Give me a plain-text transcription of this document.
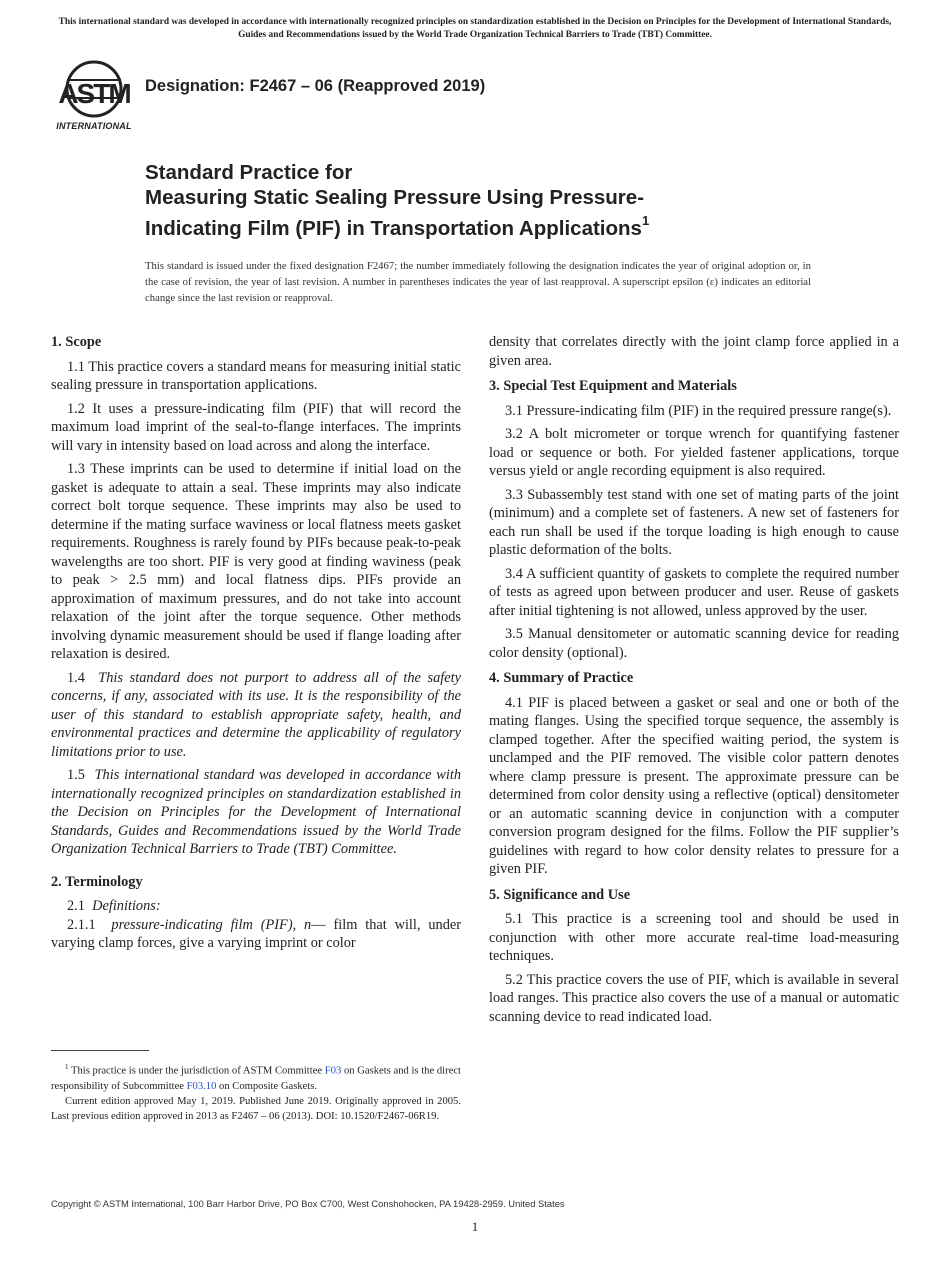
This international standard was developed in accordance with internationally recognized principles on standardization established in the Decision on Principles for the Development of International Standards, Guides and Recommendations issued by the World Trade Organization Technical Barriers to Trade (TBT) Committee.
ASTM
INTERNATIONAL
Designation: F2467 – 06 (Reapproved 2019)
Standard Practice for
Measuring Static Sealing Pressure Using Pressure-
Indicating Film (PIF) in Transportation Applications$^1$
This standard is issued under the fixed designation F2467; the number immediately following the designation indicates the year of original adoption or, in the case of revision, the year of last revision. A number in parentheses indicates the year of last reapproval. A superscript epsilon (ε) indicates an editorial change since the last revision or reapproval.
1. Scope

1.1 This practice covers a standard means for measuring initial static sealing pressure in transportation applications.

1.2 It uses a pressure-indicating film (PIF) that will record the maximum load imprint of the seal-to-flange interfaces. The imprints will vary in intensity based on load across and along the interface.

1.3 These imprints can be used to determine if initial load on the gasket is adequate to attain a seal. These imprints may also indicate correct bolt torque sequence. These imprints may also be used to determine if the mating surface waviness or local flatness meets gasket requirements. Roughness is rarely found by PIFs because peak-to-peak wavelengths are too short. PIF is very good at finding waviness (peak to peak > 2.5 mm) and local flatness dips. PIFs provide an approximation of maximum pressures, and do not take into account relaxation of the joint after the torque sequence. Other methods involving dynamic measurement should be used if flange loading after relaxation is desired.

1.4 This standard does not purport to address all of the safety concerns, if any, associated with its use. It is the responsibility of the user of this standard to establish appropriate safety, health, and environmental practices and determine the applicability of regulatory limitations prior to use.

1.5 This international standard was developed in accordance with internationally recognized principles on standardization established in the Decision on Principles for the Development of International Standards, Guides and Recommendations issued by the World Trade Organization Technical Barriers to Trade (TBT) Committee.

2. Terminology

2.1 Definitions:

2.1.1 pressure-indicating film (PIF), n— film that will, under varying clamp forces, give a varying imprint or color

density that correlates directly with the joint clamp force applied in a given area.

3. Special Test Equipment and Materials

3.1 Pressure-indicating film (PIF) in the required pressure range(s).

3.2 A bolt micrometer or torque wrench for quantifying fastener load or sequence or both. For yielded fastener applications, torque versus yield or angle recording equipment is also required.

3.3 Subassembly test stand with one set of mating parts of the joint (minimum) and a complete set of fasteners. A new set of fasteners for each run shall be used if the torque loading is high enough to cause plastic deformation of the bolts.

3.4 A sufficient quantity of gaskets to complete the required number of tests as agreed upon between producer and user. Reuse of gaskets after initial tightening is not allowed, unless approved by the user.

3.5 Manual densitometer or automatic scanning device for reading color density (optional).

4. Summary of Practice

4.1 PIF is placed between a gasket or seal and one or both of the mating flanges. Using the specified torque sequence, the assembly is clamped together. After the specified waiting period, the system is unclamped and the PIF removed. The visible color pattern denotes where clamp pressure is present. The approximate pressure can be determined from color density using a reflective (optical) densitometer or an automatic scanning device in conjunction with a computer conversion program designed for the films. Follow the PIF supplier’s guidelines with regard to how color density relates to pressure for a given PIF.

5. Significance and Use

5.1 This practice is a screening tool and should be used in conjunction with other more accurate real-time load-measuring techniques.

5.2 This practice covers the use of PIF, which is available in several load ranges. This practice also covers the use of a manual or automatic scanning device to read indicated load.

$^1$ This practice is under the jurisdiction of ASTM Committee F03 on Gaskets and is the direct responsibility of Subcommittee F03.10 on Composite Gaskets.

Current edition approved May 1, 2019. Published June 2019. Originally approved in 2005. Last previous edition approved in 2013 as F2467 – 06 (2013). DOI: 10.1520/F2467-06R19.

Copyright © ASTM International, 100 Barr Harbor Drive, PO Box C700, West Conshohocken, PA 19428-2959. United States
1
